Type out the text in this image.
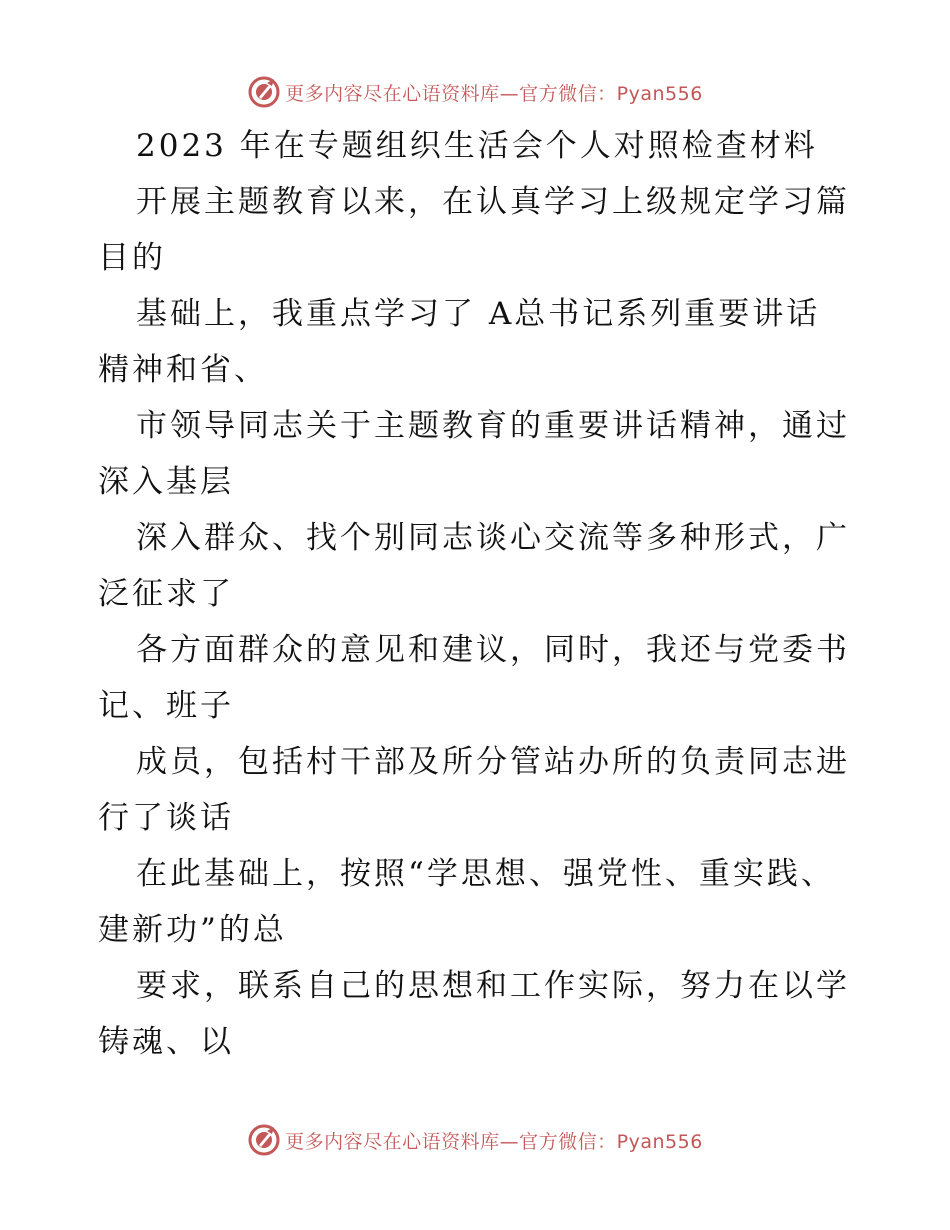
更多内容尽在心语资料库—官方微信：Pyan556
2023 年在专题组织生活会个人对照检查材料
开展主题教育以来，在认真学习上级规定学习篇
目的
基础上，我重点学习了 A总书记系列重要讲话
精神和省、
市领导同志关于主题教育的重要讲话精神，通过
深入基层
深入群众、找个别同志谈心交流等多种形式，广
泛征求了
各方面群众的意见和建议，同时，我还与党委书
记、班子
成员，包括村干部及所分管站办所的负责同志进
行了谈话
在此基础上，按照“学思想、强党性、重实践、
建新功”的总
要求，联系自己的思想和工作实际，努力在以学
铸魂、以
更多内容尽在心语资料库—官方微信：Pyan556
